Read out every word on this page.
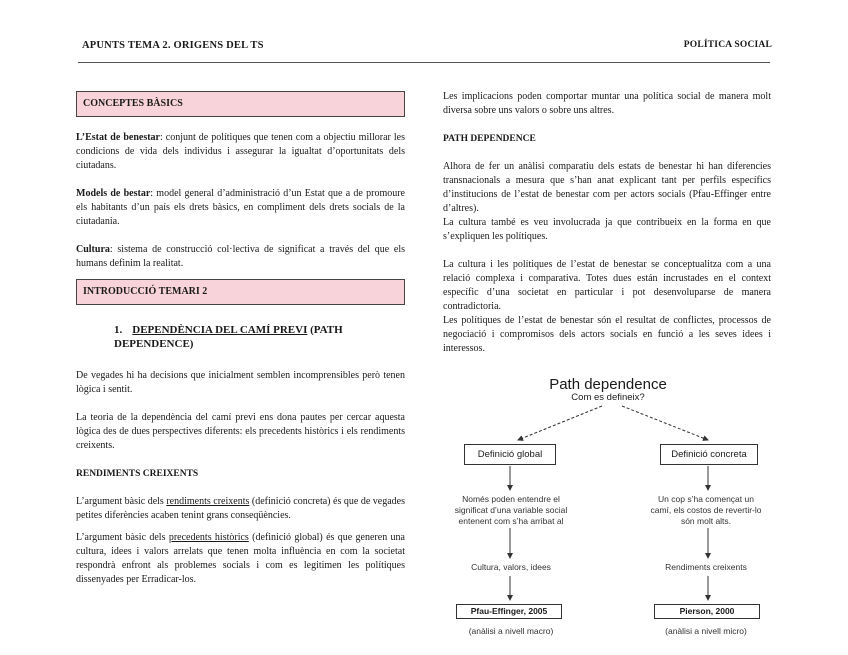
APUNTS TEMA 2. ORIGENS DEL TS	POLÍTICA SOCIAL
CONCEPTES BÀSICS

L’Estat de benestar: conjunt de polítiques que tenen com a objectiu millorar les condicions de vida dels individus i assegurar la igualtat d’oportunitats dels ciutadans.

Models de bestar: model general d’administració d’un Estat que a de promoure els habitants d’un país els drets bàsics, en compliment dels drets socials de la ciutadania.

Cultura: sistema de construcció col·lectiva de significat a través del que els humans definim la realitat.

INTRODUCCIÓ TEMARI 2
1. DEPENDÈNCIA DEL CAMÍ PREVI (PATH DEPENDENCE)

De vegades hi ha decisions que inicialment semblen incomprensibles però tenen lògica i sentit.

La teoria de la dependència del camí previ ens dona pautes per cercar aquesta lògica des de dues perspectives diferents: els precedents històrics i els rendiments creixents.

RENDIMENTS CREIXENTS

L’argument bàsic dels rendiments creixents (definició concreta) és que de vegades petites diferències acaben tenint grans conseqüències.

L’argument bàsic dels precedents històrics (definició global) és que generen una cultura, idees i valors arrelats que tenen molta influència en com la societat respondrà enfront als problemes socials i com es legitimen les polítiques dissenyades per Erradicar-los.

Les implicacions poden comportar muntar una política social de manera molt diversa sobre uns valors o sobre uns altres.

PATH DEPENDENCE

Alhora de fer un anàlisi comparatiu dels estats de benestar hi han diferencies transnacionals a mesura que s’han anat explicant tant per perfils específics d’institucions de l’estat de benestar com per actors socials (Pfau-Effinger entre d’altres).

La cultura també es veu involucrada ja que contribueix en la forma en que s’expliquen les polítiques.

La cultura i les polítiques de l’estat de benestar se conceptualitza com a una relació complexa i comparativa. Totes dues están incrustades en el context específic d’una societat en particular i pot desenvoluparse de manera contradictoria.

Les polítiques de l’estat de benestar són el resultat de conflictes, processos de negociació i compromisos dels actors socials en funció a les seves idees i interessos.

Path dependence
Com es defineix?
Definició global	Definició concreta
Només poden entendre el significat d’una variable social entenent com s’ha arribat al
Un cop s’ha començat un camí, els costos de revertir-lo són molt alts.
Cultura, valors, idees	Rendiments creixents
Pfau-Effinger, 2005	Pierson, 2000
(anàlisi a nivell macro)	(anàlisi a nivell micro)
